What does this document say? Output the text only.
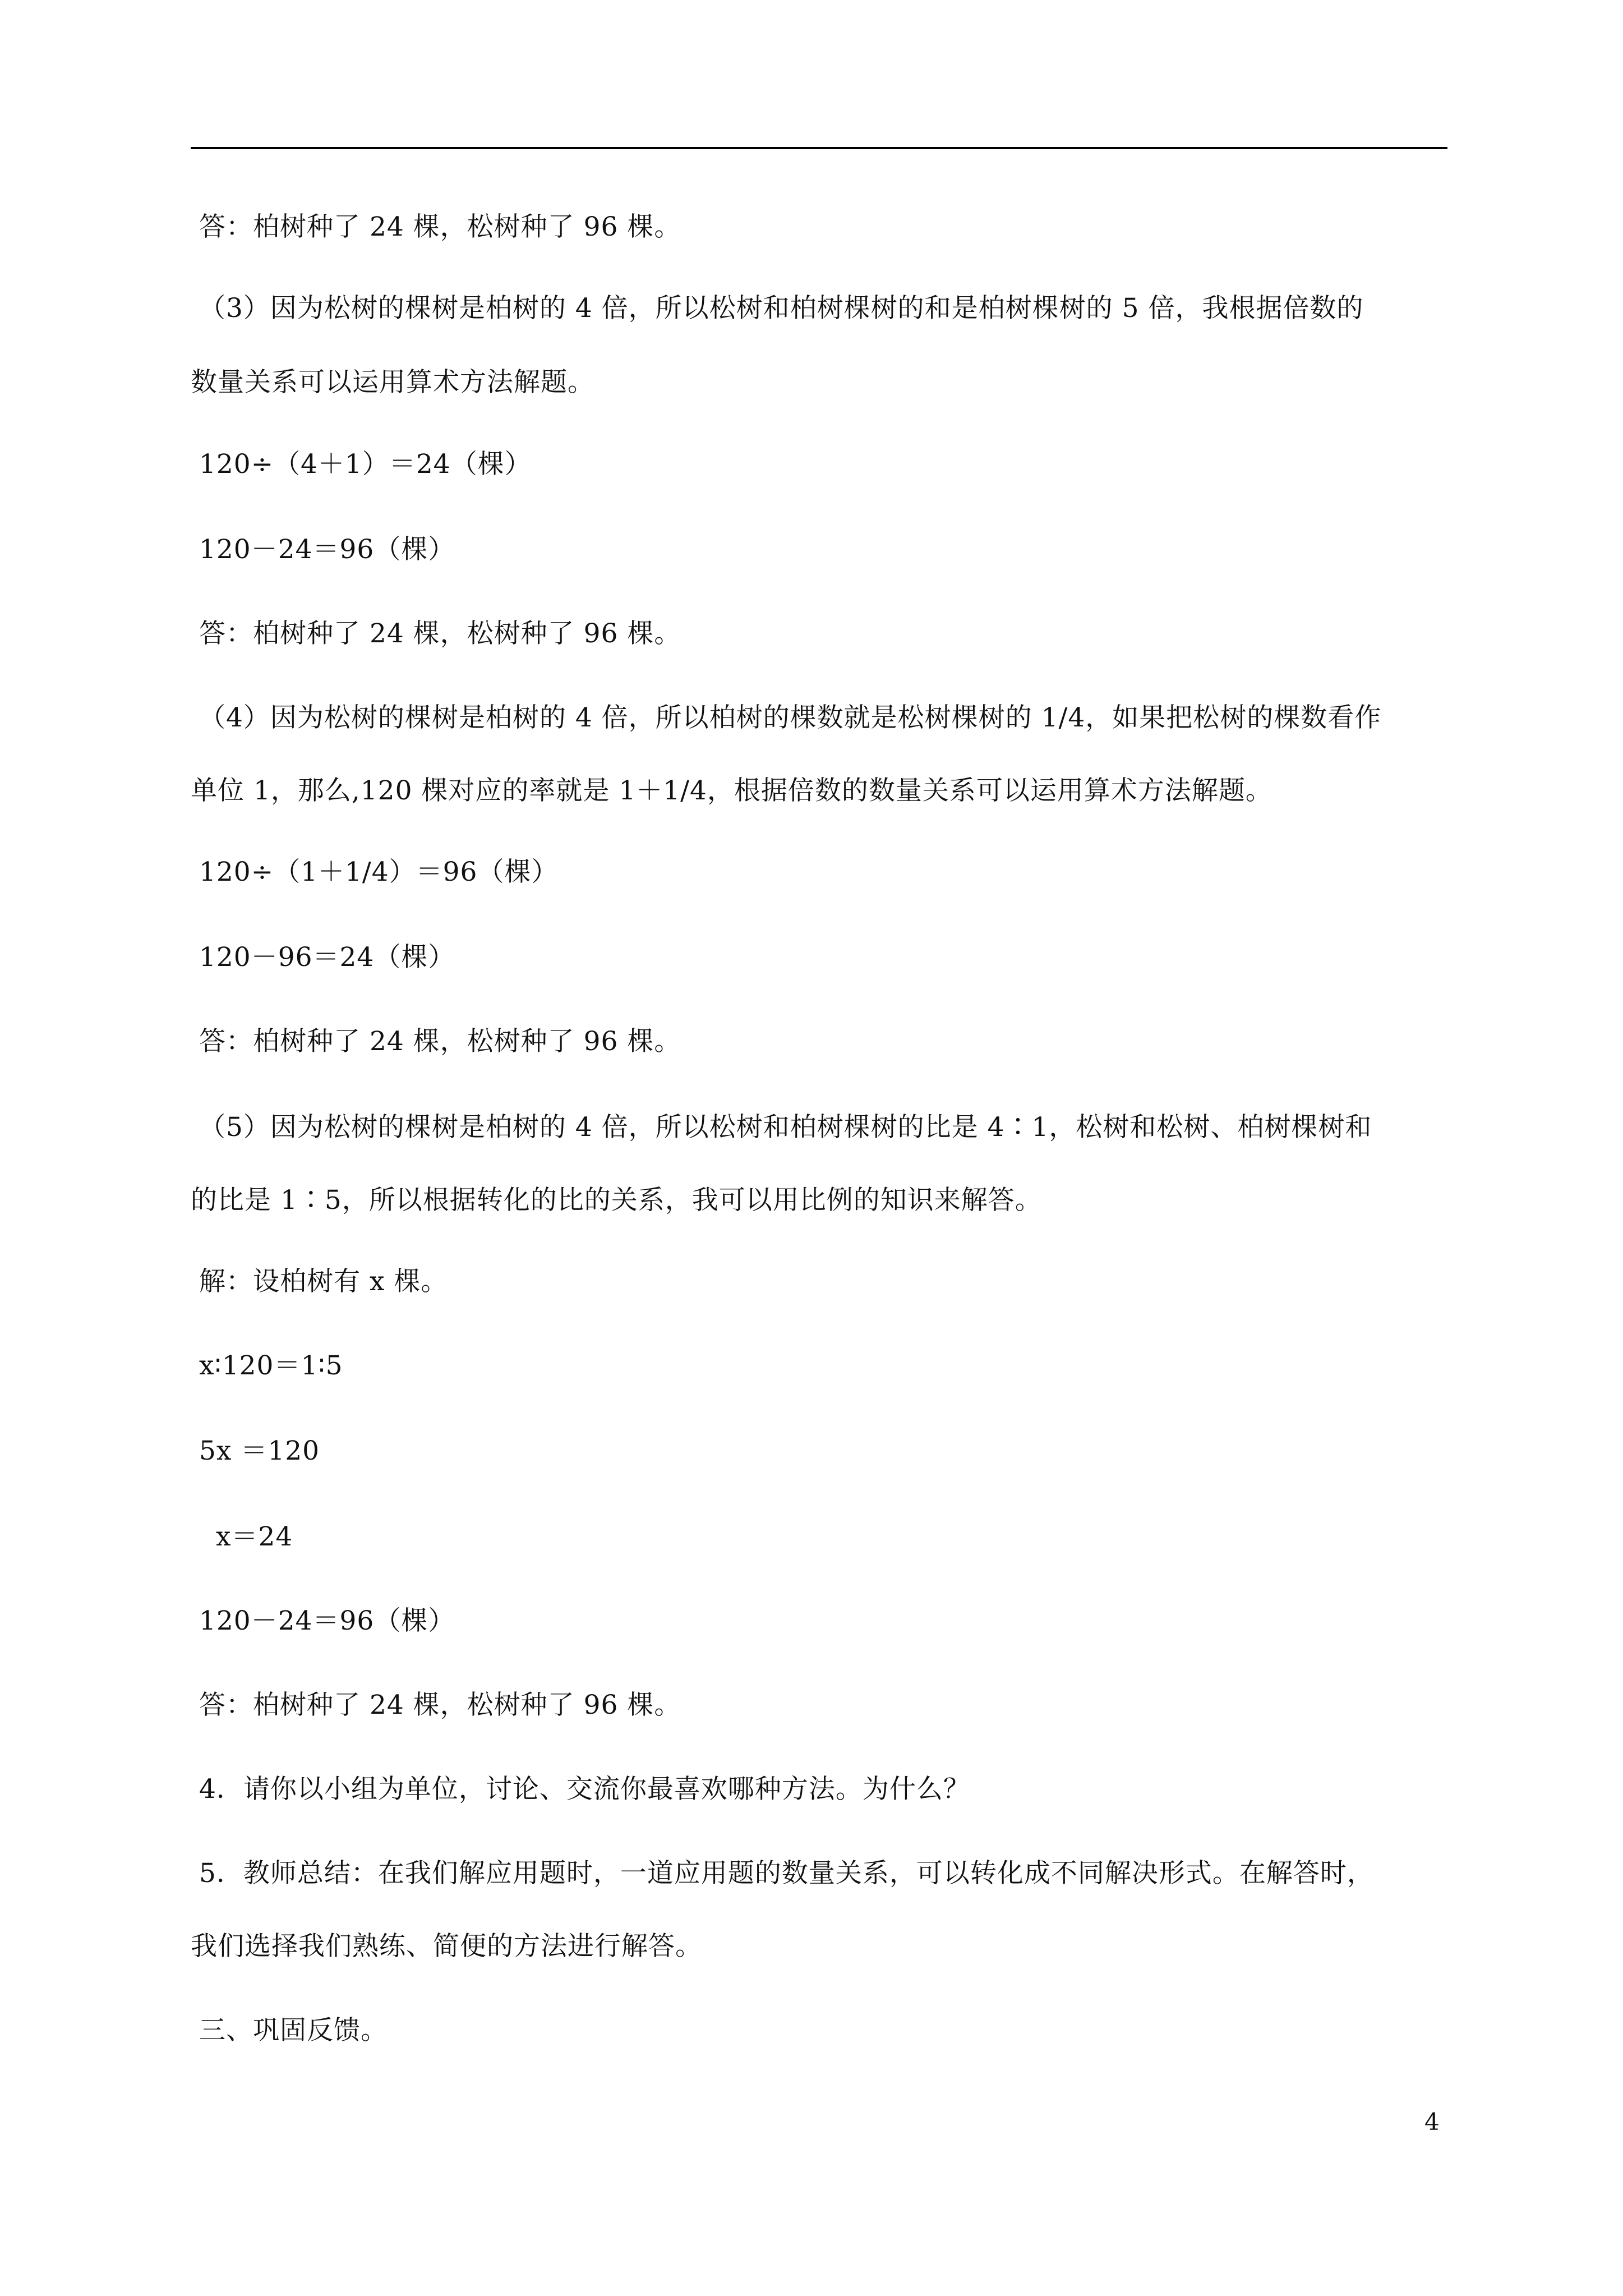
答：柏树种了 24 棵，松树种了 96 棵。
（3）因为松树的棵树是柏树的 4 倍，所以松树和柏树棵树的和是柏树棵树的 5 倍，我根据倍数的
数量关系可以运用算术方法解题。
120÷（4＋1）＝24（棵）
120－24＝96（棵）
答：柏树种了 24 棵，松树种了 96 棵。
（4）因为松树的棵树是柏树的 4 倍，所以柏树的棵数就是松树棵树的 1/4，如果把松树的棵数看作
单位 1，那么,120 棵对应的率就是 1＋1/4，根据倍数的数量关系可以运用算术方法解题。
120÷（1＋1/4）＝96（棵）
120－96＝24（棵）
答：柏树种了 24 棵，松树种了 96 棵。
（5）因为松树的棵树是柏树的 4 倍，所以松树和柏树棵树的比是 4∶1，松树和松树、柏树棵树和
的比是 1∶5，所以根据转化的比的关系，我可以用比例的知识来解答。
解：设柏树有 x 棵。
x∶120＝1∶5
5x ＝120
x＝24
120－24＝96（棵）
答：柏树种了 24 棵，松树种了 96 棵。
4．请你以小组为单位，讨论、交流你最喜欢哪种方法。为什么？
5．教师总结：在我们解应用题时，一道应用题的数量关系，可以转化成不同解决形式。在解答时，
我们选择我们熟练、简便的方法进行解答。
三、巩固反馈。
4
